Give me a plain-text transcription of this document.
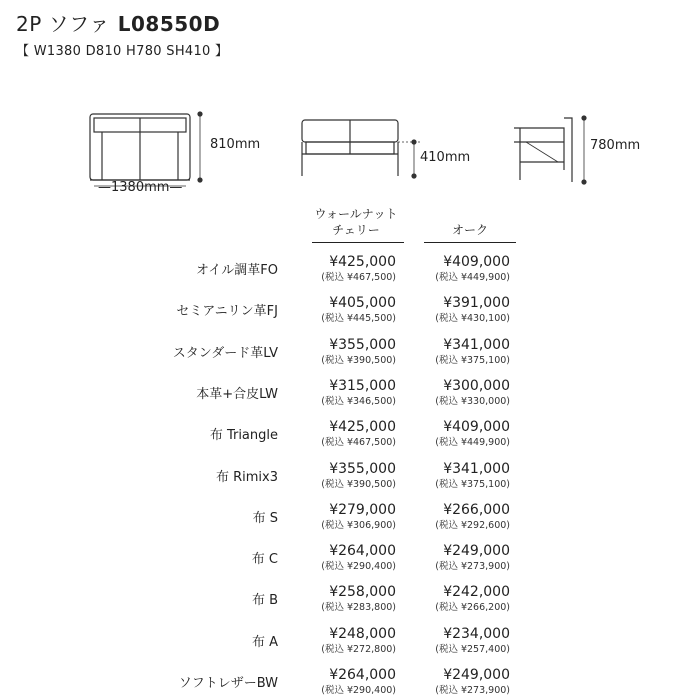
2P ソファ L08550D
【 W1380 D810 H780 SH410 】
—1380mm—
810mm
410mm
780mm
ウォールナット
チェリー	オーク
オイル調革FO
¥425,000
(税込 ¥467,500)
¥409,000
(税込 ¥449,900)
セミアニリン革FJ
¥405,000
(税込 ¥445,500)
¥391,000
(税込 ¥430,100)
スタンダード革LV
¥355,000
(税込 ¥390,500)
¥341,000
(税込 ¥375,100)
本革+合皮LW
¥315,000
(税込 ¥346,500)
¥300,000
(税込 ¥330,000)
布 Triangle
¥425,000
(税込 ¥467,500)
¥409,000
(税込 ¥449,900)
布 Rimix3
¥355,000
(税込 ¥390,500)
¥341,000
(税込 ¥375,100)
布 S
¥279,000
(税込 ¥306,900)
¥266,000
(税込 ¥292,600)
布 C
¥264,000
(税込 ¥290,400)
¥249,000
(税込 ¥273,900)
布 B
¥258,000
(税込 ¥283,800)
¥242,000
(税込 ¥266,200)
布 A
¥248,000
(税込 ¥272,800)
¥234,000
(税込 ¥257,400)
ソフトレザーBW
¥264,000
(税込 ¥290,400)
¥249,000
(税込 ¥273,900)
